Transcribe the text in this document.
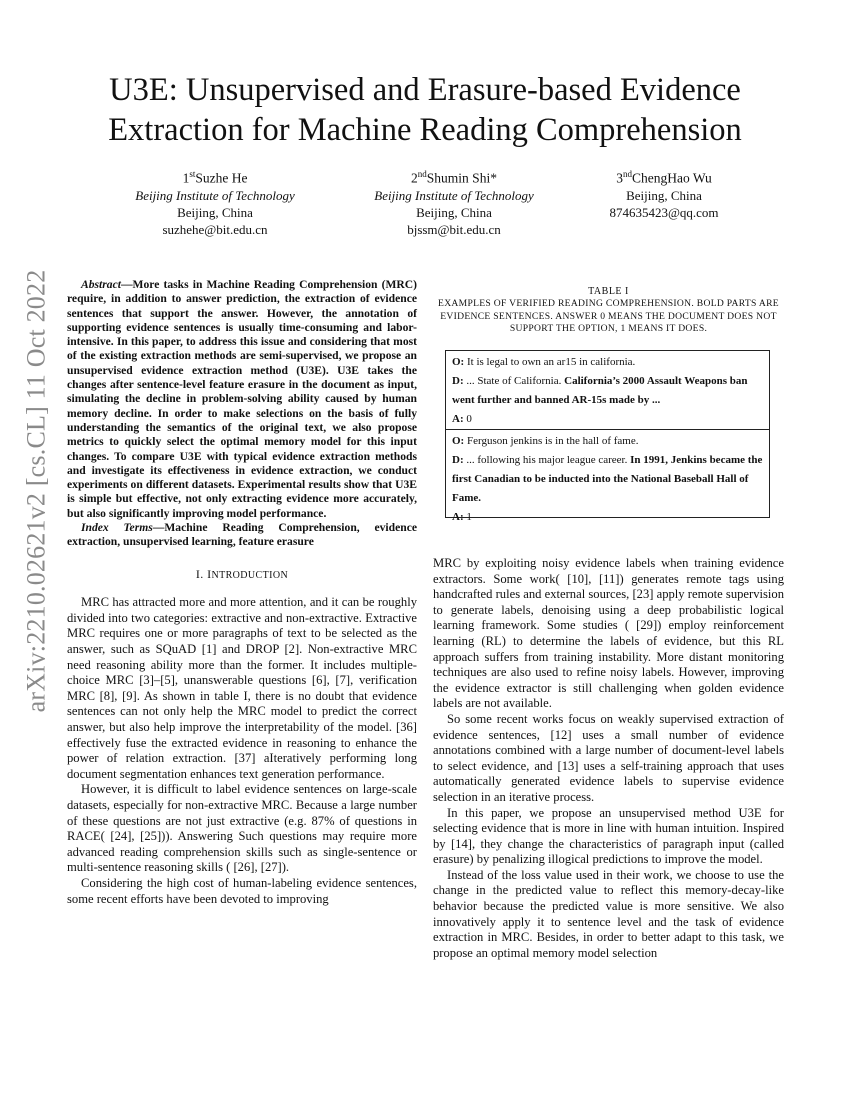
arXiv:2210.02621v2 [cs.CL] 11 Oct 2022
U3E: Unsupervised and Erasure-based Evidence Extraction for Machine Reading Comprehension
1stSuzhe He
Beijing Institute of Technology
Beijing, China
suzhehe@bit.edu.cn
2ndShumin Shi*
Beijing Institute of Technology
Beijing, China
bjssm@bit.edu.cn
3ndChengHao Wu
Beijing, China
874635423@qq.com

Abstract—More tasks in Machine Reading Comprehension (MRC) require, in addition to answer prediction, the extraction of evidence sentences that support the answer. However, the annotation of supporting evidence sentences is usually time-consuming and labor-intensive. In this paper, to address this issue and considering that most of the existing extraction methods are semi-supervised, we propose an unsupervised evidence extraction method (U3E). U3E takes the changes after sentence-level feature erasure in the document as input, simulating the decline in problem-solving ability caused by human memory decline. In order to make selections on the basis of fully understanding the semantics of the original text, we also propose metrics to quickly select the optimal memory model for this input changes. To compare U3E with typical evidence extraction methods and investigate its effectiveness in evidence extraction, we conduct experiments on different datasets. Experimental results show that U3E is simple but effective, not only extracting evidence more accurately, but also significantly improving model performance.

Index Terms—Machine Reading Comprehension, evidence extraction, unsupervised learning, feature erasure

I. INTRODUCTION

MRC has attracted more and more attention, and it can be roughly divided into two categories: extractive and non-extractive. Extractive MRC requires one or more paragraphs of text to be selected as the answer, such as SQuAD [1] and DROP [2]. Non-extractive MRC need reasoning ability more than the former. It includes multiple-choice MRC [3]–[5], unanswerable questions [6], [7], verification MRC [8], [9]. As shown in table I, there is no doubt that evidence sentences can not only help the MRC model to predict the correct answer, but also help improve the interpretability of the model. [36] effectively fuse the extracted evidence in reasoning to enhance the power of relation extraction. [37] aIteratively performing long document segmentation enhances text generation performance.

However, it is difficult to label evidence sentences on large-scale datasets, especially for non-extractive MRC. Because a large number of these questions are not just extractive (e.g. 87% of questions in RACE( [24], [25])). Answering Such questions may require more advanced reading comprehension skills such as single-sentence or multi-sentence reasoning skills ( [26], [27]).

Considering the high cost of human-labeling evidence sentences, some recent efforts have been devoted to improving

TABLE I
EXAMPLES OF VERIFIED READING COMPREHENSION. BOLD PARTS ARE EVIDENCE SENTENCES. ANSWER 0 MEANS THE DOCUMENT DOES NOT SUPPORT THE OPTION, 1 MEANS IT DOES.
O: It is legal to own an ar15 in california.
D: ... State of California. California’s 2000 Assault Weapons ban went further and banned AR-15s made by ...
A: 0
O: Ferguson jenkins is in the hall of fame.
D: ... following his major league career. In 1991, Jenkins became the first Canadian to be inducted into the National Baseball Hall of Fame.
A: 1

MRC by exploiting noisy evidence labels when training evidence extractors. Some work( [10], [11]) generates remote tags using handcrafted rules and external sources, [23] apply remote supervision to generate labels, denoising using a deep probabilistic logical learning framework. Some studies ( [29]) employ reinforcement learning (RL) to determine the labels of evidence, but this RL approach suffers from training instability. More distant monitoring techniques are also used to refine noisy labels. However, improving the evidence extractor is still challenging when golden evidence labels are not available.

So some recent works focus on weakly supervised extraction of evidence sentences, [12] uses a small number of evidence annotations combined with a large number of document-level labels to select evidence, and [13] uses a self-training approach that uses automatically generated evidence labels to supervise evidence selection in an iterative process.

In this paper, we propose an unsupervised method U3E for selecting evidence that is more in line with human intuition. Inspired by [14], they change the characteristics of paragraph input (called erasure) by penalizing illogical predictions to improve the model.

Instead of the loss value used in their work, we choose to use the change in the predicted value to reflect this memory-decay-like behavior because the predicted value is more sensitive. We also innovatively apply it to sentence level and the task of evidence extraction in MRC. Besides, in order to better adapt to this task, we propose an optimal memory model selection
